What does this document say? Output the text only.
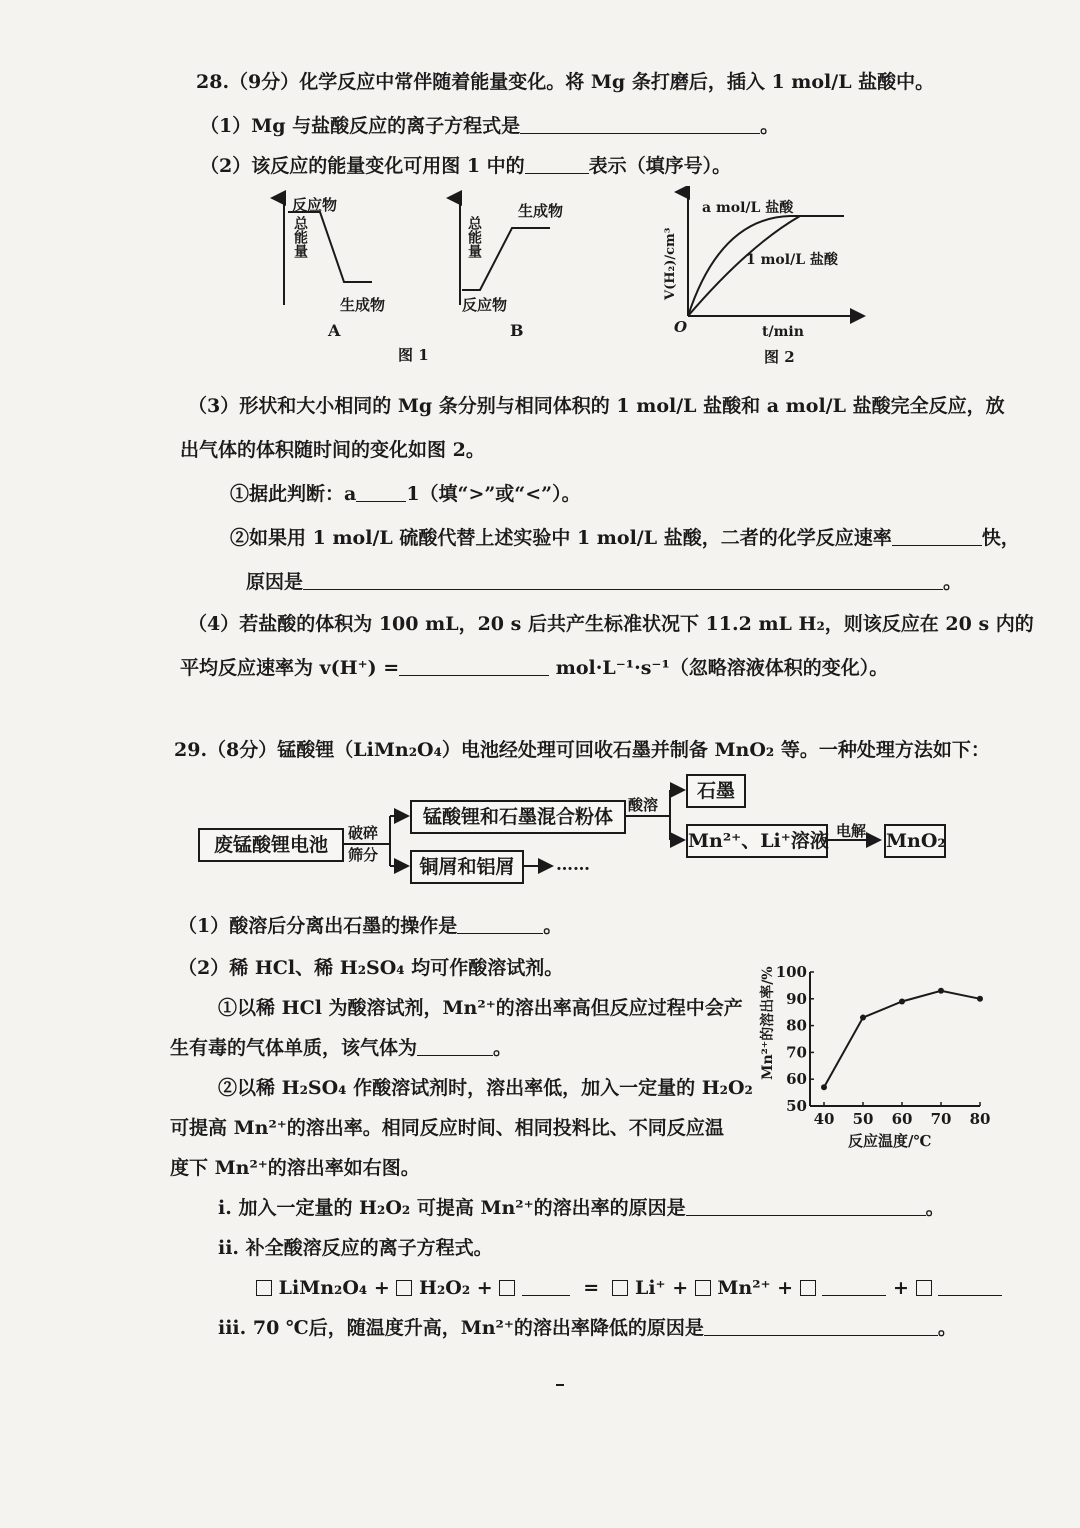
28.（9分）化学反应中常伴随着能量变化。将 Mg 条打磨后，插入 1 mol/L 盐酸中。
（1）Mg 与盐酸反应的离子方程式是	。
（2）该反应的能量变化可用图 1 中的	表示（填序号）。
总能量
反应物
生成物
A
总能量
生成物
反应物
B
图 1
a mol/L 盐酸
1 mol/L 盐酸
V(H₂)/cm³
O	t/min
图 2
（3）形状和大小相同的 Mg 条分别与相同体积的 1 mol/L 盐酸和 a mol/L 盐酸完全反应，放
出气体的体积随时间的变化如图 2。
①据此判断：a	1（填“>”或“<”）。
②如果用 1 mol/L 硫酸代替上述实验中 1 mol/L 盐酸，二者的化学反应速率	快，
原因是	。
（4）若盐酸的体积为 100 mL，20 s 后共产生标准状况下 11.2 mL H₂，则该反应在 20 s 内的
平均反应速率为 v(H⁺) =	mol·L⁻¹·s⁻¹（忽略溶液体积的变化）。
29.（8分）锰酸锂（LiMn₂O₄）电池经处理可回收石墨并制备 MnO₂ 等。一种处理方法如下：
废锰酸锂电池
破碎
筛分
锰酸锂和石墨混合粉体
铜屑和铝屑	……
酸溶
石墨
Mn²⁺、Li⁺溶液 电解 MnO₂
（1）酸溶后分离出石墨的操作是	。
（2）稀 HCl、稀 H₂SO₄ 均可作酸溶试剂。
①以稀 HCl 为酸溶试剂，Mn²⁺的溶出率高但反应过程中会产
生有毒的气体单质，该气体为	。
②以稀 H₂SO₄ 作酸溶试剂时，溶出率低，加入一定量的 H₂O₂
可提高 Mn²⁺的溶出率。相同反应时间、相同投料比、不同反应温
度下 Mn²⁺的溶出率如右图。
50
60
70
80
90
100
40 50 60 70 80
Mn²⁺的溶出率/%
反应温度/℃
i. 加入一定量的 H₂O₂ 可提高 Mn²⁺的溶出率的原因是	。
ii. 补全酸溶反应的离子方程式。
LiMn₂O₄ + H₂O₂ +	= Li⁺ + Mn²⁺ +	+
iii. 70 ℃后，随温度升高，Mn²⁺的溶出率降低的原因是	。
